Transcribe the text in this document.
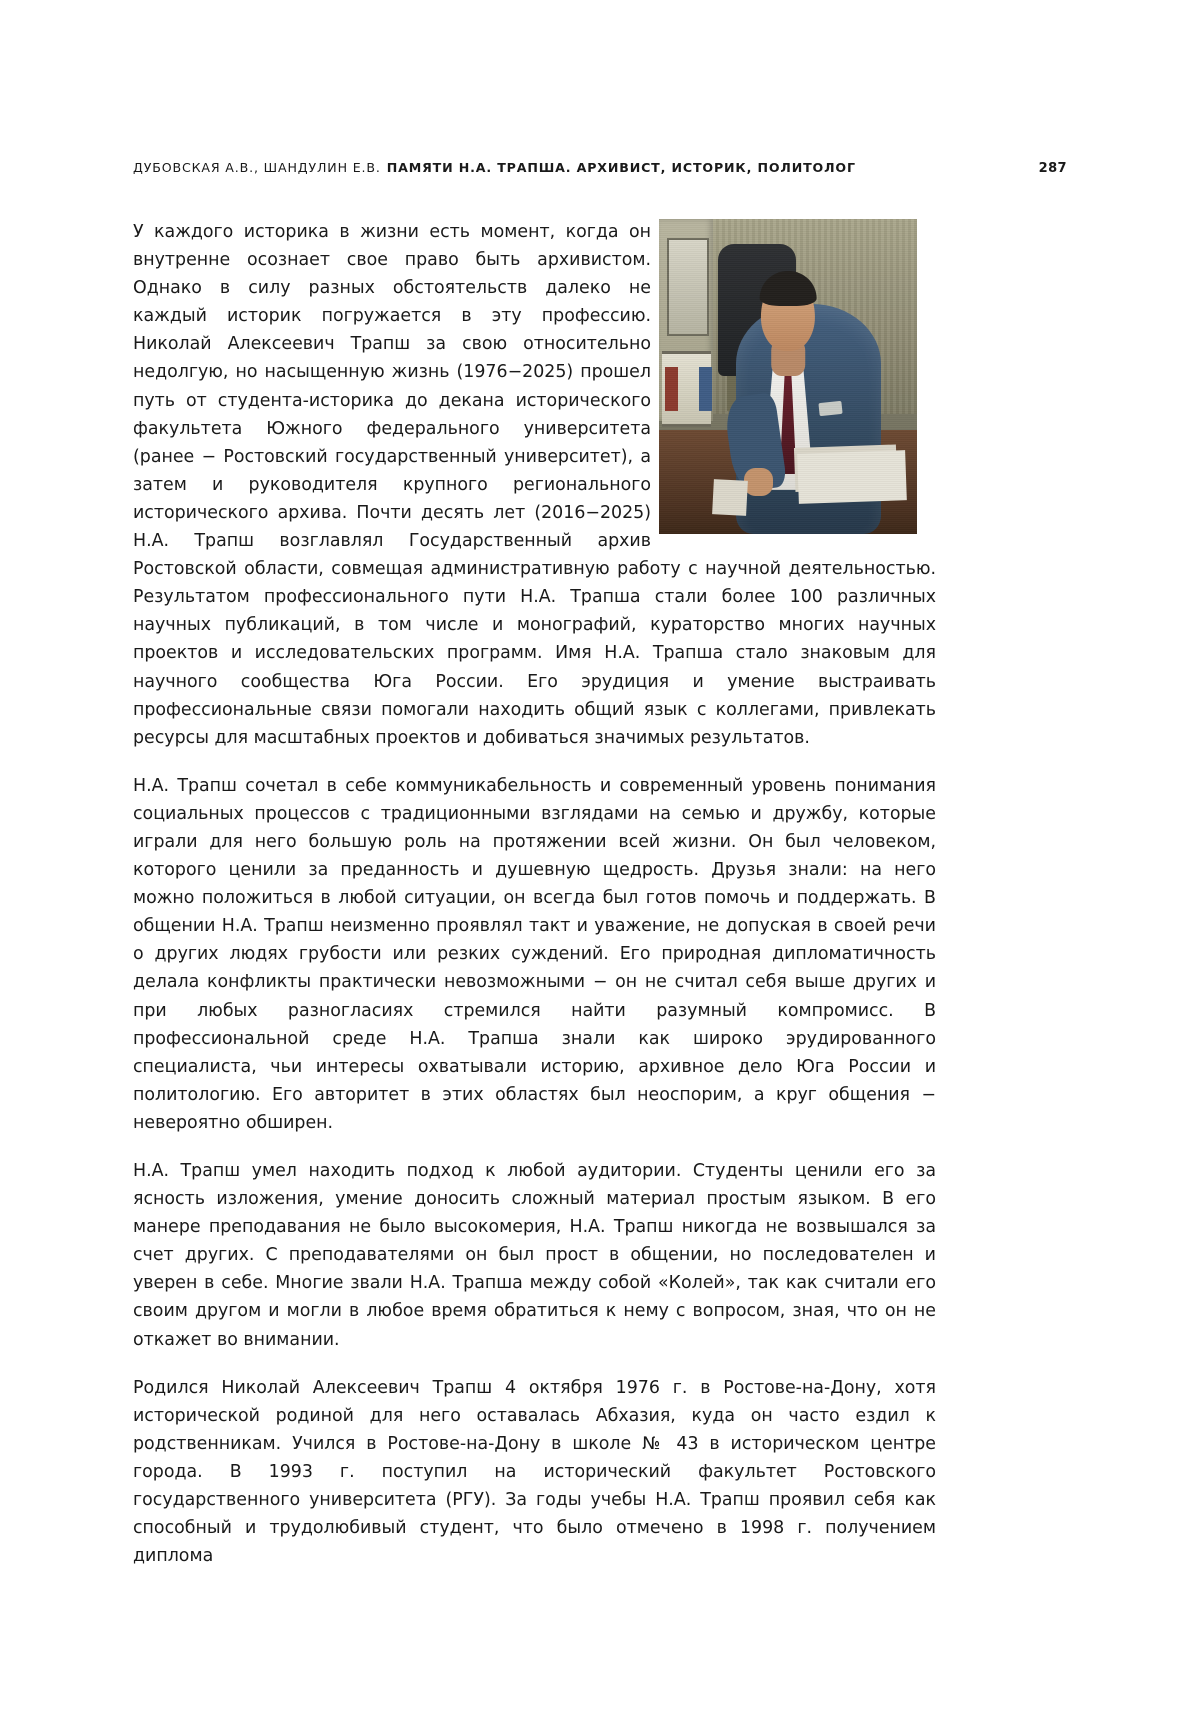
ДУБОВСКАЯ А.В., ШАНДУЛИН Е.В. ПАМЯТИ Н.А. ТРАПША. АРХИВИСТ, ИСТОРИК, ПОЛИТОЛОГ	287

У каждого историка в жизни есть момент, когда он внутренне осознает свое право быть архивистом. Однако в силу разных обстоятельств далеко не каждый историк погружается в эту профессию. Николай Алексеевич Трапш за свою относительно недолгую, но насыщенную жизнь (1976−2025) прошел путь от студента-историка до декана исторического факультета Южного федерального университета (ранее − Ростовский государственный университет), а затем и руководителя крупного регионального исторического архива. Почти десять лет (2016−2025) Н.А. Трапш возглавлял Государственный архив Ростовской области, совмещая административную работу с научной деятельностью. Результатом профессионального пути Н.А. Трапша стали более 100 различных научных публикаций, в том числе и монографий, кураторство многих научных проектов и исследовательских программ. Имя Н.А. Трапша стало знаковым для научного сообщества Юга России. Его эрудиция и умение выстраивать профессиональные связи помогали находить общий язык с коллегами, привлекать ресурсы для масштабных проектов и добиваться значимых результатов.

Н.А. Трапш сочетал в себе коммуникабельность и современный уровень понимания социальных процессов с традиционными взглядами на семью и дружбу, которые играли для него большую роль на протяжении всей жизни. Он был человеком, которого ценили за преданность и душевную щедрость. Друзья знали: на него можно положиться в любой ситуации, он всегда был готов помочь и поддержать. В общении Н.А. Трапш неизменно проявлял такт и уважение, не допуская в своей речи о других людях грубости или резких суждений. Его природная дипломатичность делала конфликты практически невозможными − он не считал себя выше других и при любых разногласиях стремился найти разумный компромисс. В профессиональной среде Н.А. Трапша знали как широко эрудированного специалиста, чьи интересы охватывали историю, архивное дело Юга России и политологию. Его авторитет в этих областях был неоспорим, а круг общения − невероятно обширен.

Н.А. Трапш умел находить подход к любой аудитории. Студенты ценили его за ясность изложения, умение доносить сложный материал простым языком. В его манере преподавания не было высокомерия, Н.А. Трапш никогда не возвышался за счет других. С преподавателями он был прост в общении, но последователен и уверен в себе. Многие звали Н.А. Трапша между собой «Колей», так как считали его своим другом и могли в любое время обратиться к нему с вопросом, зная, что он не откажет во внимании.

Родился Николай Алексеевич Трапш 4 октября 1976 г. в Ростове-на-Дону, хотя исторической родиной для него оставалась Абхазия, куда он часто ездил к родственникам. Учился в Ростове-на-Дону в школе № 43 в историческом центре города. В 1993 г. поступил на исторический факультет Ростовского государственного университета (РГУ). За годы учебы Н.А. Трапш проявил себя как способный и трудолюбивый студент, что было отмечено в 1998 г. получением диплома
